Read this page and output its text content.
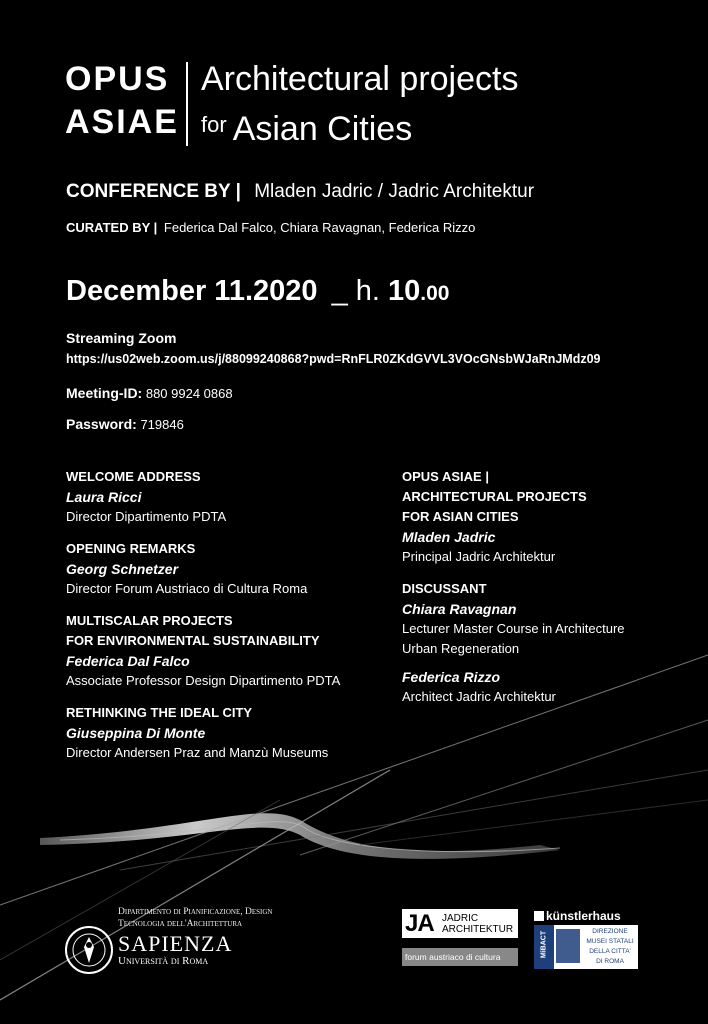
OPUS
ASIAE
Architectural projects
$^{for}$ Asian Cities
CONFERENCE BY | Mladen Jadric / Jadric Architektur
CURATED BY | Federica Dal Falco, Chiara Ravagnan, Federica Rizzo
December 11.2020 _ h. 10.00
Streaming Zoom
https://us02web.zoom.us/j/88099240868?pwd=RnFLR0ZKdGVVL3VOcGNsbWJaRnJMdz09
Meeting-ID: 880 9924 0868
Password: 719846
WELCOME ADDRESS
Laura Ricci
Director Dipartimento PDTA
OPENING REMARKS
Georg Schnetzer
Director Forum Austriaco di Cultura Roma
MULTISCALAR PROJECTS
FOR ENVIRONMENTAL SUSTAINABILITY
Federica Dal Falco
Associate Professor Design Dipartimento PDTA
RETHINKING THE IDEAL CITY
Giuseppina Di Monte
Director Andersen Praz and Manzù Museums
OPUS ASIAE |
ARCHITECTURAL PROJECTS
FOR ASIAN CITIES
Mladen Jadric
Principal Jadric Architektur
DISCUSSANT
Chiara Ravagnan
Lecturer Master Course in Architecture
Urban Regeneration
Federica Rizzo
Architect Jadric Architektur
Dipartimento di Pianificazione, Design
Tecnologia dell'Architettura
SAPIENZA
Università di Roma
JA JADRIC
ARCHITEKTUR
forum austriaco di cultura
künstlerhaus
MiBACT	DIREZIONE
MUSEI STATALI
DELLA CITTA'
DI ROMA
